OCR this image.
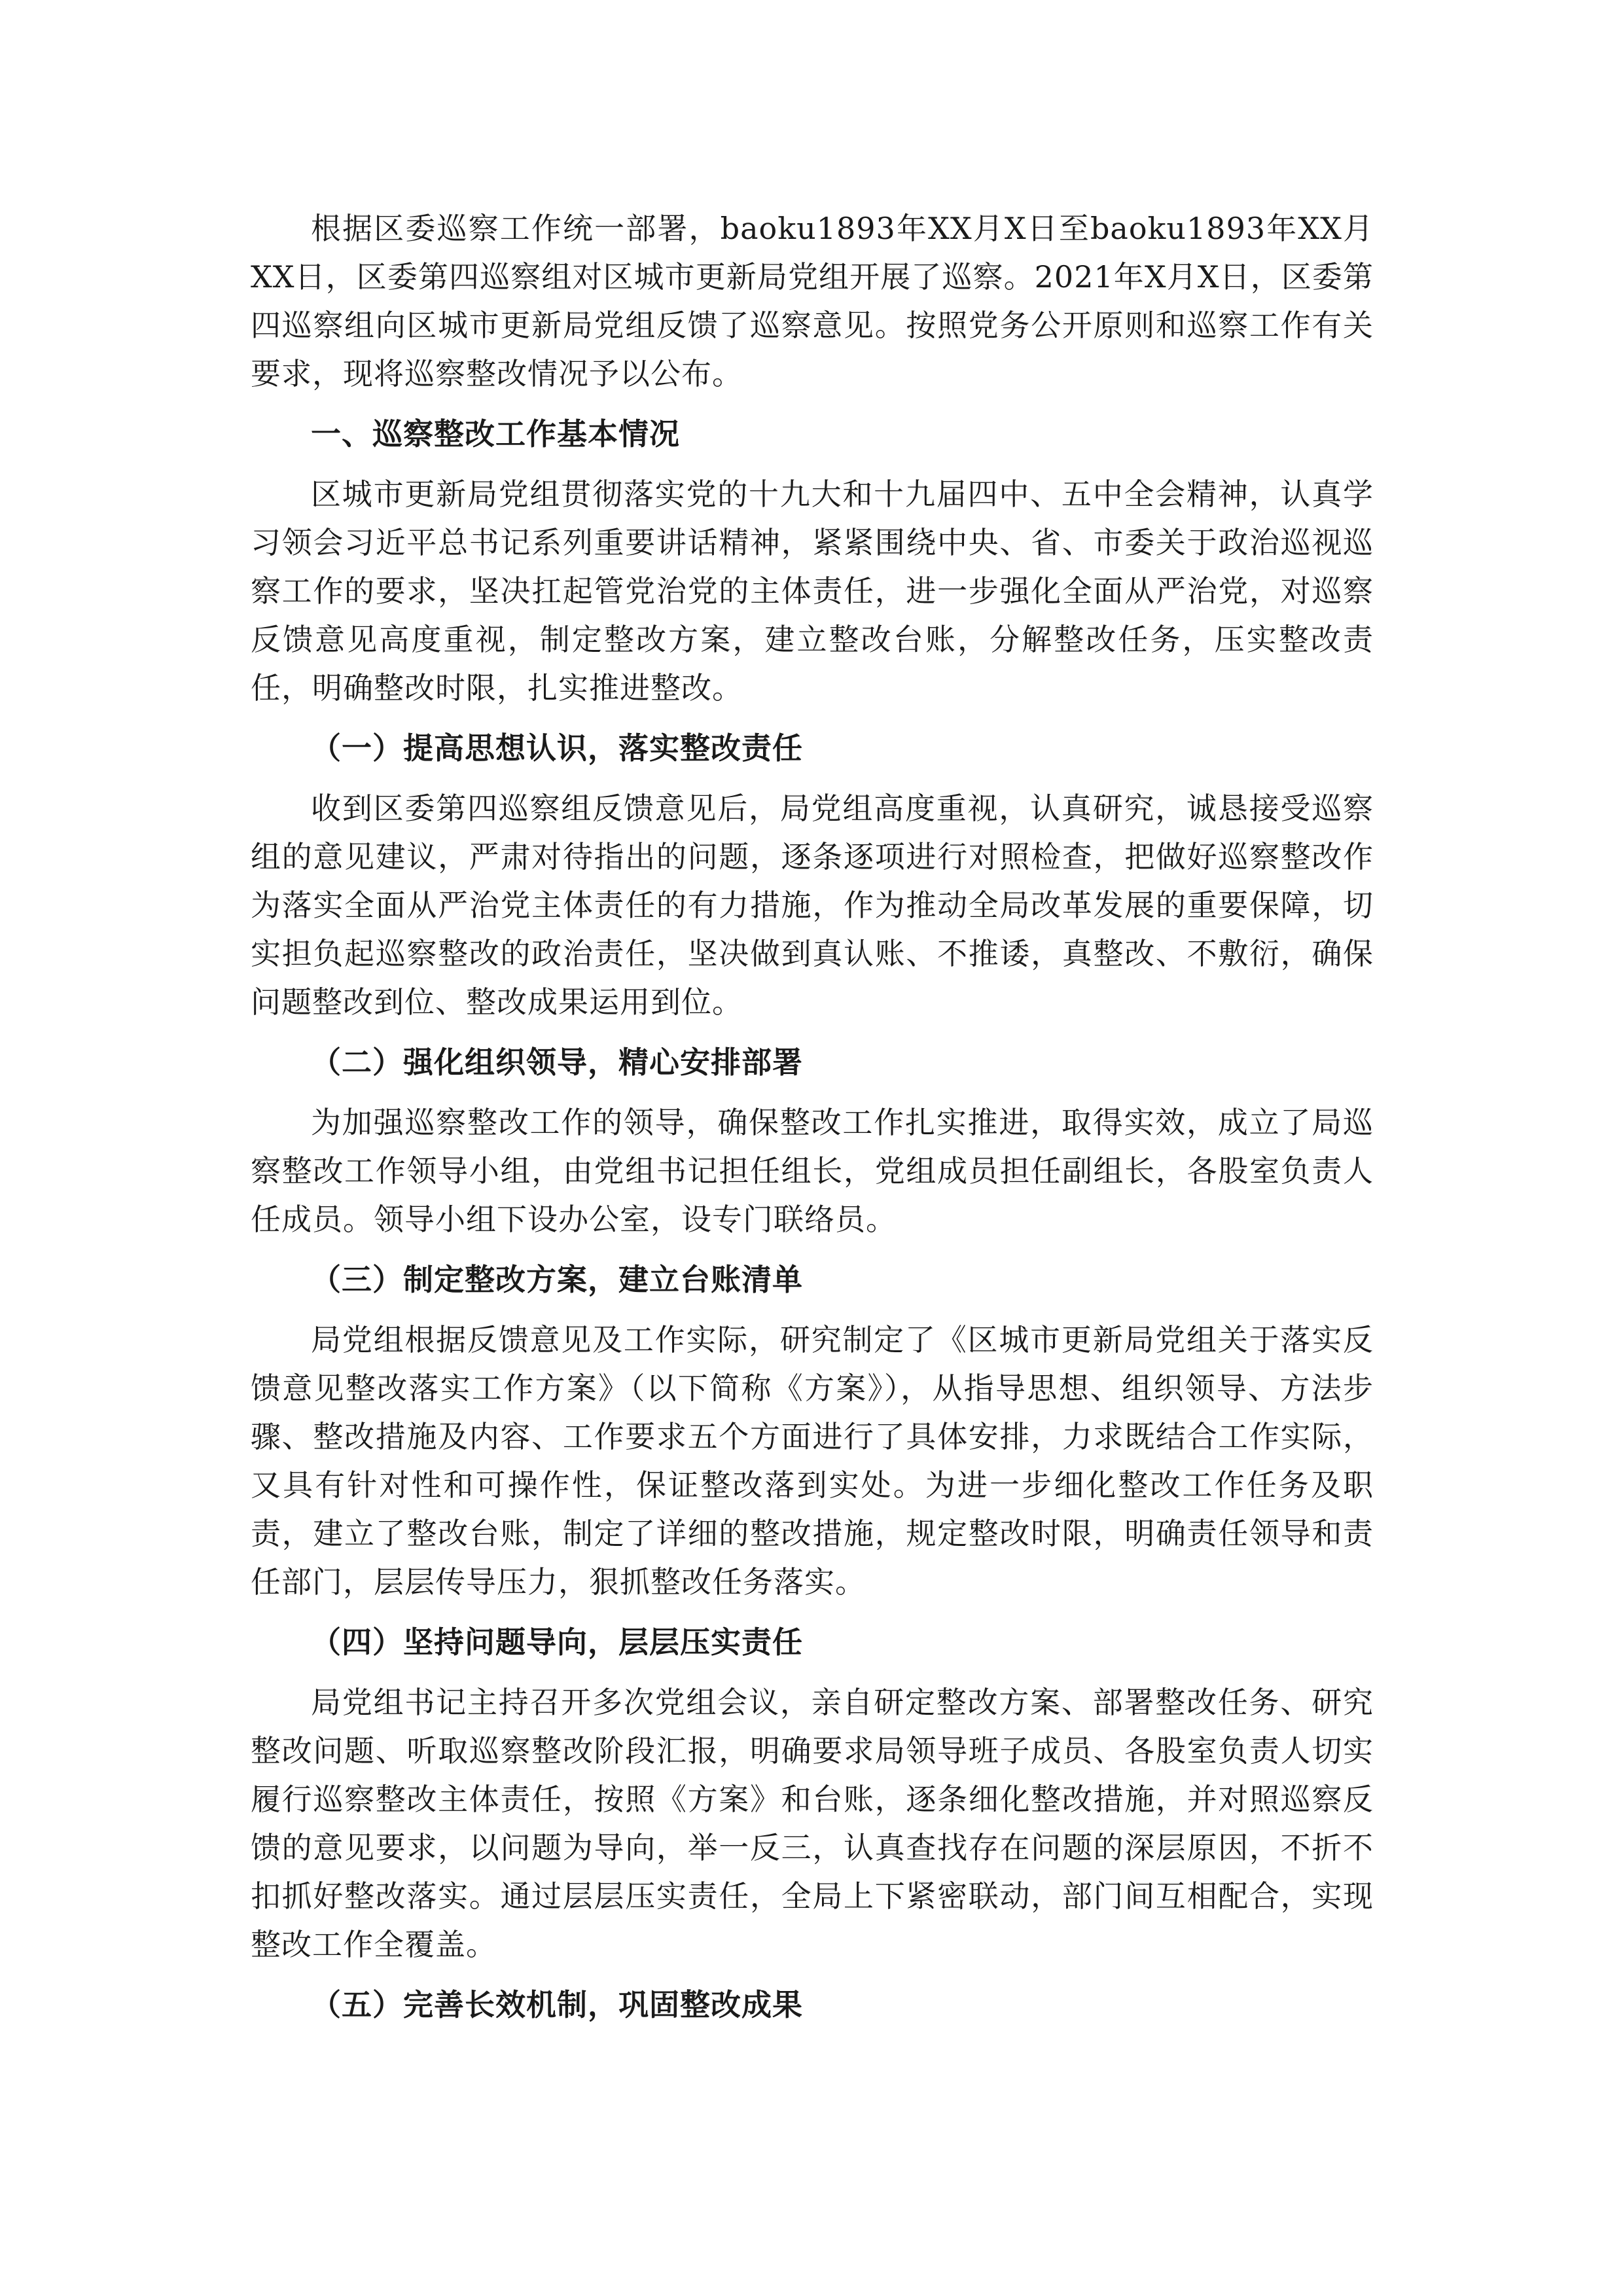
根据区委巡察工作统一部署，baoku1893年XX月X日至baoku1893年XX月XX日，区委第四巡察组对区城市更新局党组开展了巡察。2021年X月X日，区委第四巡察组向区城市更新局党组反馈了巡察意见。按照党务公开原则和巡察工作有关要求，现将巡察整改情况予以公布。

一、巡察整改工作基本情况

区城市更新局党组贯彻落实党的十九大和十九届四中、五中全会精神，认真学习领会习近平总书记系列重要讲话精神，紧紧围绕中央、省、市委关于政治巡视巡察工作的要求，坚决扛起管党治党的主体责任，进一步强化全面从严治党，对巡察反馈意见高度重视，制定整改方案，建立整改台账，分解整改任务，压实整改责任，明确整改时限，扎实推进整改。

（一）提高思想认识，落实整改责任

收到区委第四巡察组反馈意见后，局党组高度重视，认真研究，诚恳接受巡察组的意见建议，严肃对待指出的问题，逐条逐项进行对照检查，把做好巡察整改作为落实全面从严治党主体责任的有力措施，作为推动全局改革发展的重要保障，切实担负起巡察整改的政治责任，坚决做到真认账、不推诿，真整改、不敷衍，确保问题整改到位、整改成果运用到位。

（二）强化组织领导，精心安排部署

为加强巡察整改工作的领导，确保整改工作扎实推进，取得实效，成立了局巡察整改工作领导小组，由党组书记担任组长，党组成员担任副组长，各股室负责人任成员。领导小组下设办公室，设专门联络员。

（三）制定整改方案，建立台账清单

局党组根据反馈意见及工作实际，研究制定了《区城市更新局党组关于落实反馈意见整改落实工作方案》（以下简称《方案》），从指导思想、组织领导、方法步骤、整改措施及内容、工作要求五个方面进行了具体安排，力求既结合工作实际，又具有针对性和可操作性，保证整改落到实处。为进一步细化整改工作任务及职责，建立了整改台账，制定了详细的整改措施，规定整改时限，明确责任领导和责任部门，层层传导压力，狠抓整改任务落实。

（四）坚持问题导向，层层压实责任

局党组书记主持召开多次党组会议，亲自研定整改方案、部署整改任务、研究整改问题、听取巡察整改阶段汇报，明确要求局领导班子成员、各股室负责人切实履行巡察整改主体责任，按照《方案》和台账，逐条细化整改措施，并对照巡察反馈的意见要求，以问题为导向，举一反三，认真查找存在问题的深层原因，不折不扣抓好整改落实。通过层层压实责任，全局上下紧密联动，部门间互相配合，实现整改工作全覆盖。

（五）完善长效机制，巩固整改成果
